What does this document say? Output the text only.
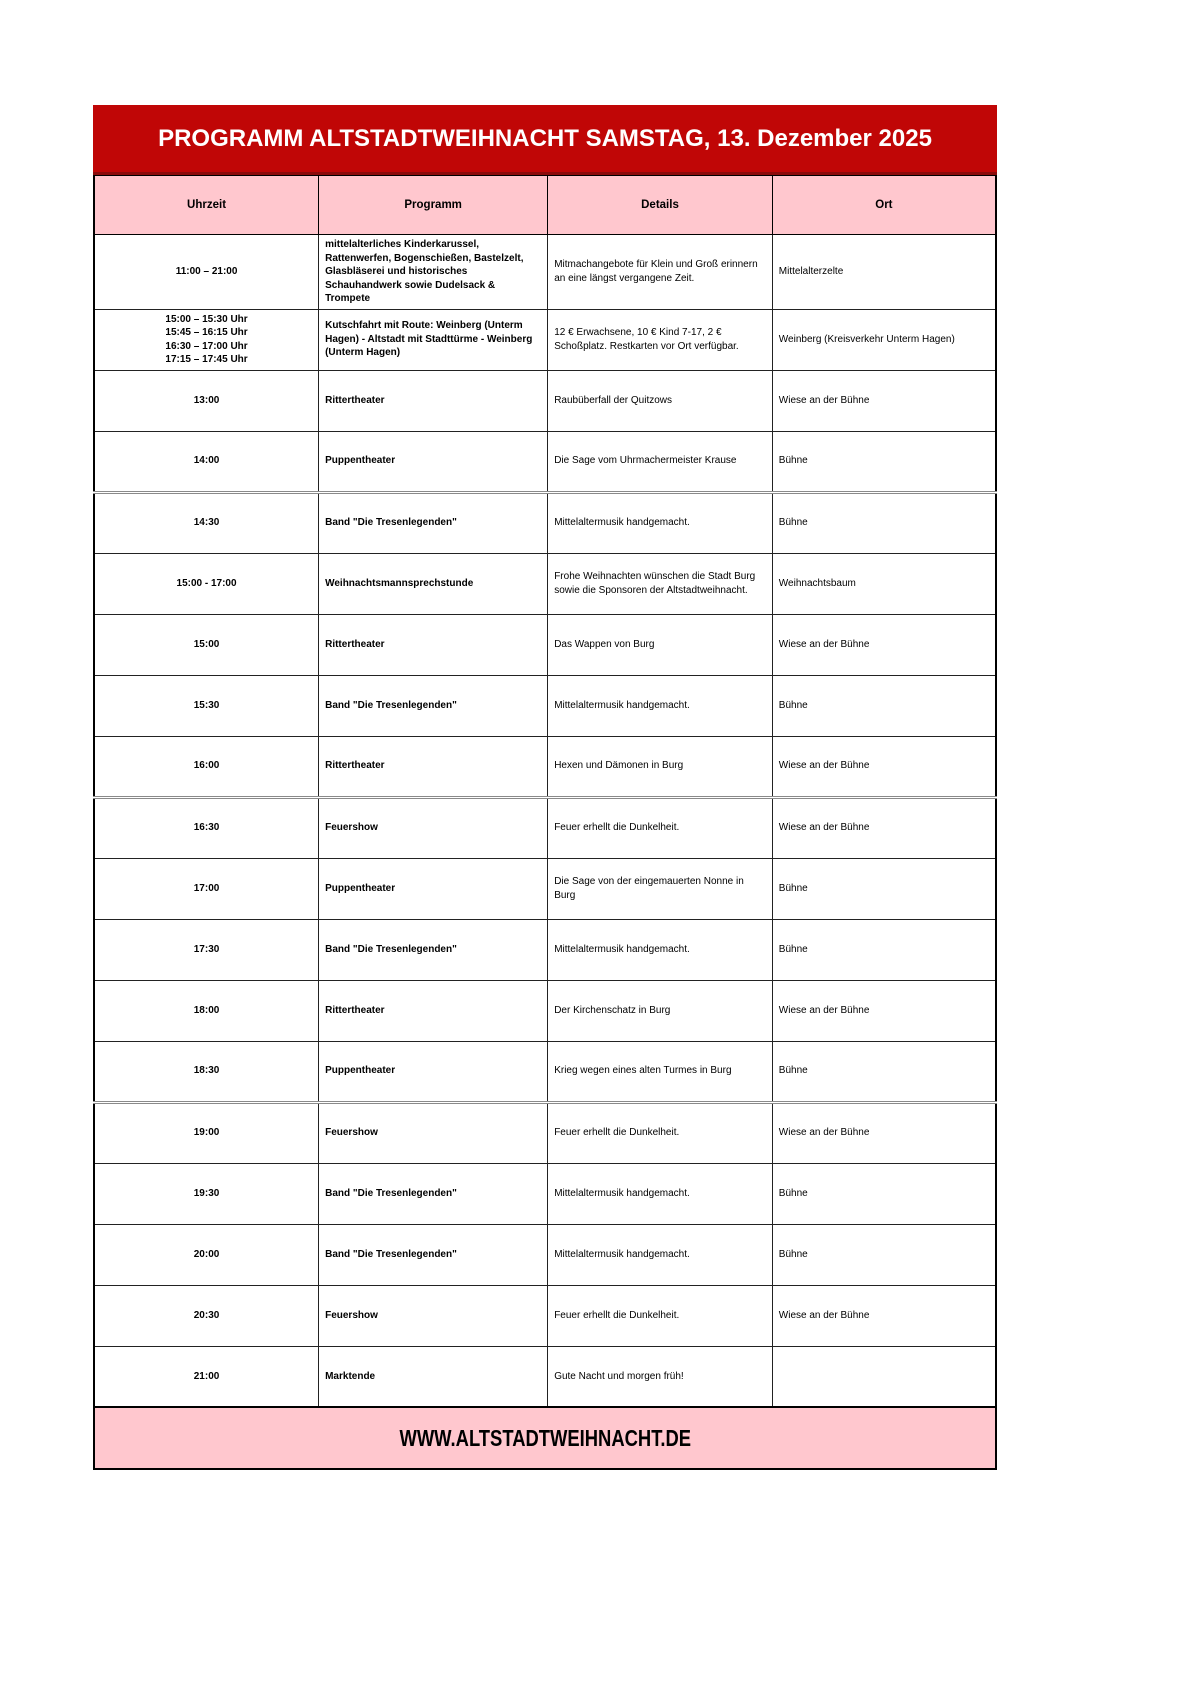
PROGRAMM ALTSTADTWEIHNACHT SAMSTAG, 13. Dezember 2025
Uhrzeit	Programm	Details	Ort

11:00 – 21:00	mittelalterliches Kinderkarussel, Rattenwerfen, Bogenschießen, Bastelzelt, Glasbläserei und historisches Schauhandwerk sowie Dudelsack & Trompete	Mitmachangebote für Klein und Groß erinnern an eine längst vergangene Zeit.	Mittelalterzelte

15:00 – 15:30 Uhr
15:45 – 16:15 Uhr
16:30 – 17:00 Uhr
17:15 – 17:45 Uhr	Kutschfahrt mit Route: Weinberg (Unterm Hagen) - Altstadt mit Stadttürme - Weinberg (Unterm Hagen)	12 € Erwachsene, 10 € Kind 7-17, 2 € Schoßplatz. Restkarten vor Ort verfügbar.	Weinberg (Kreisverkehr Unterm Hagen)

13:00	Rittertheater	Raubüberfall der Quitzows	Wiese an der Bühne

14:00	Puppentheater	Die Sage vom Uhrmachermeister Krause	Bühne

14:30	Band "Die Tresenlegenden"	Mittelaltermusik handgemacht.	Bühne

15:00 - 17:00	Weihnachtsmannsprechstunde	Frohe Weihnachten wünschen die Stadt Burg sowie die Sponsoren der Altstadtweihnacht.	Weihnachtsbaum

15:00	Rittertheater	Das Wappen von Burg	Wiese an der Bühne

15:30	Band "Die Tresenlegenden"	Mittelaltermusik handgemacht.	Bühne

16:00	Rittertheater	Hexen und Dämonen in Burg	Wiese an der Bühne

16:30	Feuershow	Feuer erhellt die Dunkelheit.	Wiese an der Bühne

17:00	Puppentheater	Die Sage von der eingemauerten Nonne in Burg	Bühne

17:30	Band "Die Tresenlegenden"	Mittelaltermusik handgemacht.	Bühne

18:00	Rittertheater	Der Kirchenschatz in Burg	Wiese an der Bühne

18:30	Puppentheater	Krieg wegen eines alten Turmes in Burg	Bühne

19:00	Feuershow	Feuer erhellt die Dunkelheit.	Wiese an der Bühne

19:30	Band "Die Tresenlegenden"	Mittelaltermusik handgemacht.	Bühne

20:00	Band "Die Tresenlegenden"	Mittelaltermusik handgemacht.	Bühne

20:30	Feuershow	Feuer erhellt die Dunkelheit.	Wiese an der Bühne

21:00	Marktende	Gute Nacht und morgen früh!	
WWW.ALTSTADTWEIHNACHT.DE
